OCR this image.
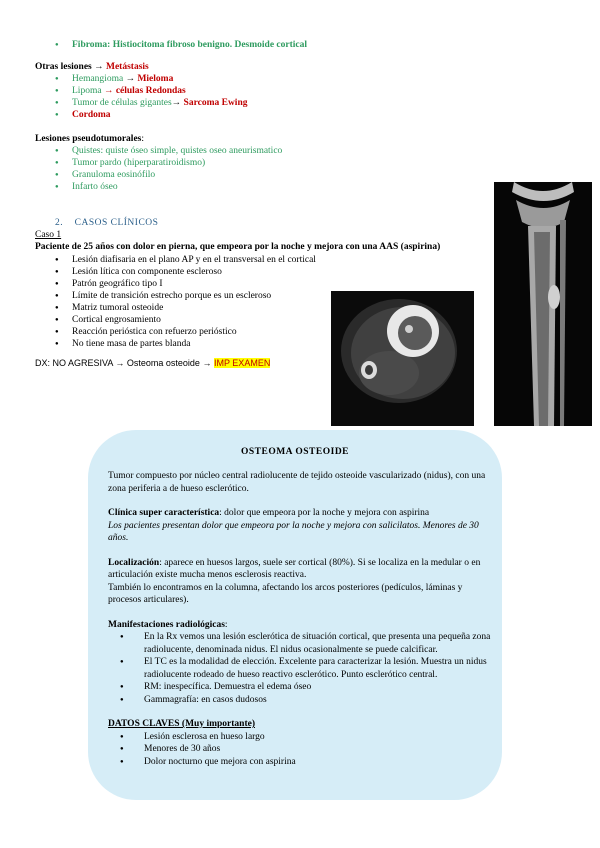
● Fibroma: Histiocitoma fibroso benigno. Desmoide cortical
Otras lesiones → Metástasis
● Hemangioma → Mieloma
● Lipoma → células Redondas
● Tumor de células gigantes→ Sarcoma Ewing
● Cordoma
Lesiones pseudotumorales:
● Quistes: quiste óseo simple, quistes oseo aneurismatico
● Tumor pardo (hiperparatiroidismo)
● Granuloma eosinófilo
● Infarto óseo
2. CASOS CLÍNICOS
Caso 1
Paciente de 25 años con dolor en pierna, que empeora por la noche y mejora con una AAS (aspirina)
● Lesión diafisaria en el plano AP y en el transversal en el cortical
● Lesión lítica con componente escleroso
● Patrón geográfico tipo I
● Límite de transición estrecho porque es un escleroso
● Matriz tumoral osteoide
● Cortical engrosamiento
● Reacción perióstica con refuerzo perióstico
● No tiene masa de partes blanda
DX: NO AGRESIVA → Osteoma osteoide → IMP EXAMEN
OSTEOMA OSTEOIDE

Tumor compuesto por núcleo central radiolucente de tejido osteoide vascularizado (nidus), con una zona periferia a de hueso esclerótico.

Clínica super característica: dolor que empeora por la noche y mejora con aspirina

Los pacientes presentan dolor que empeora por la noche y mejora con salicilatos. Menores de 30 años.

Localización: aparece en huesos largos, suele ser cortical (80%). Si se localiza en la medular o en articulación existe mucha menos esclerosis reactiva.

También lo encontramos en la columna, afectando los arcos posteriores (pedículos, láminas y procesos articulares).

Manifestaciones radiológicas:

● En la Rx vemos una lesión esclerótica de situación cortical, que presenta una pequeña zona radiolucente, denominada nidus. El nidus ocasionalmente se puede calcificar.
● El TC es la modalidad de elección. Excelente para caracterizar la lesión. Muestra un nidus radiolucente rodeado de hueso reactivo esclerótico. Punto esclerótico central.
● RM: inespecífica. Demuestra el edema óseo
● Gammagrafía: en casos dudosos

DATOS CLAVES (Muy importante)

● Lesión esclerosa en hueso largo
● Menores de 30 años
● Dolor nocturno que mejora con aspirina
